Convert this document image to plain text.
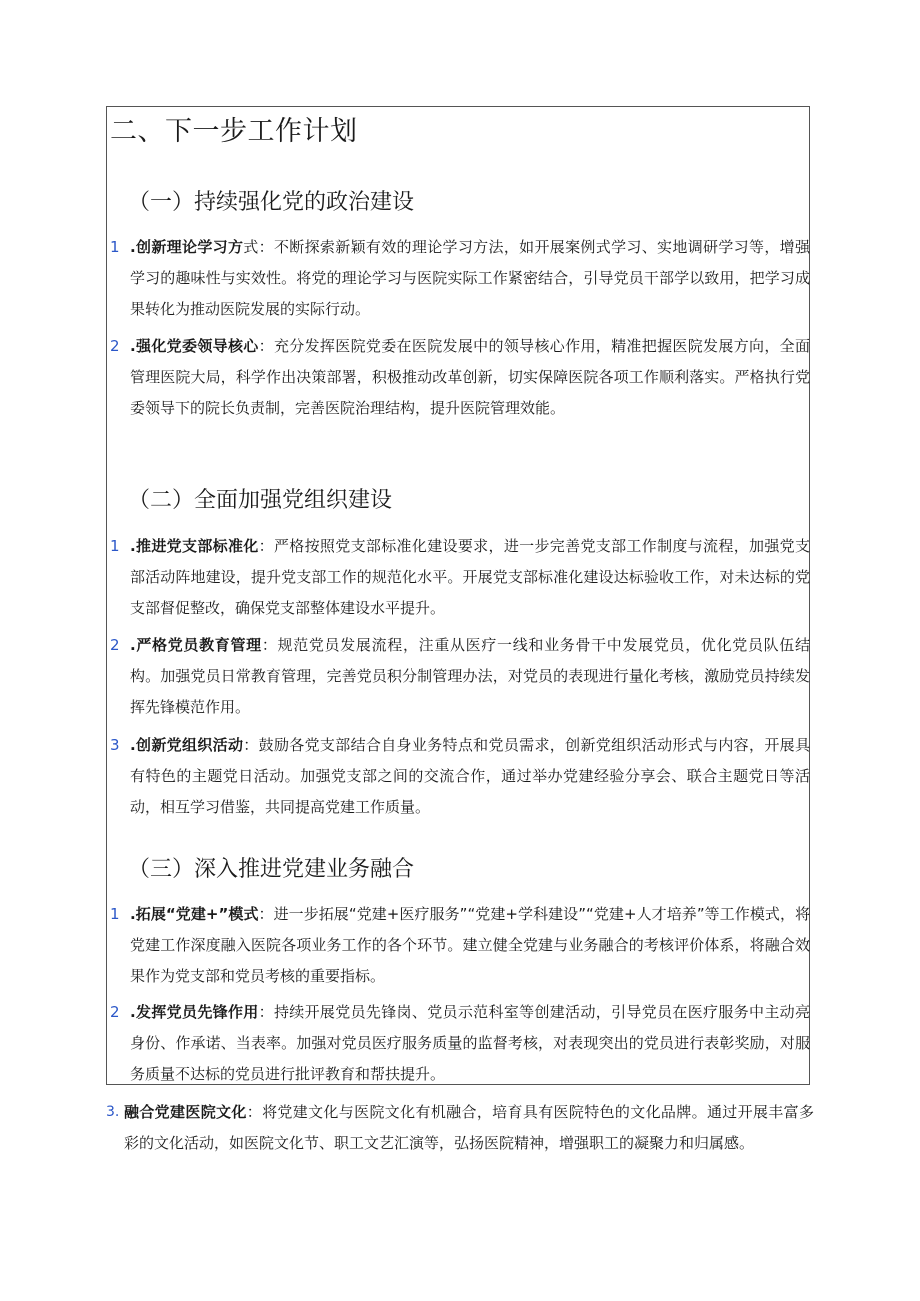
二、下一步工作计划
（一）持续强化党的政治建设
1 .创新理论学习方式：不断探索新颖有效的理论学习方法，如开展案例式学习、实地调研学习等，增强学习的趣味性与实效性。将党的理论学习与医院实际工作紧密结合，引导党员干部学以致用，把学习成果转化为推动医院发展的实际行动。
2 .强化党委领导核心：充分发挥医院党委在医院发展中的领导核心作用，精准把握医院发展方向，全面管理医院大局，科学作出决策部署，积极推动改革创新，切实保障医院各项工作顺利落实。严格执行党委领导下的院长负责制，完善医院治理结构，提升医院管理效能。
（二）全面加强党组织建设
1 .推进党支部标准化：严格按照党支部标准化建设要求，进一步完善党支部工作制度与流程，加强党支部活动阵地建设，提升党支部工作的规范化水平。开展党支部标准化建设达标验收工作，对未达标的党支部督促整改，确保党支部整体建设水平提升。
2 .严格党员教育管理：规范党员发展流程，注重从医疗一线和业务骨干中发展党员，优化党员队伍结构。加强党员日常教育管理，完善党员积分制管理办法，对党员的表现进行量化考核，激励党员持续发挥先锋模范作用。
3 .创新党组织活动：鼓励各党支部结合自身业务特点和党员需求，创新党组织活动形式与内容，开展具有特色的主题党日活动。加强党支部之间的交流合作，通过举办党建经验分享会、联合主题党日等活动，相互学习借鉴，共同提高党建工作质量。
（三）深入推进党建业务融合
1 .拓展“党建+”模式：进一步拓展“党建+医疗服务”“党建+学科建设”“党建+人才培养”等工作模式，将党建工作深度融入医院各项业务工作的各个环节。建立健全党建与业务融合的考核评价体系，将融合效果作为党支部和党员考核的重要指标。
2 .发挥党员先锋作用：持续开展党员先锋岗、党员示范科室等创建活动，引导党员在医疗服务中主动亮身份、作承诺、当表率。加强对党员医疗服务质量的监督考核，对表现突出的党员进行表彰奖励，对服务质量不达标的党员进行批评教育和帮扶提升。
3. 融合党建医院文化：将党建文化与医院文化有机融合，培育具有医院特色的文化品牌。通过开展丰富多彩的文化活动，如医院文化节、职工文艺汇演等，弘扬医院精神，增强职工的凝聚力和归属感。
